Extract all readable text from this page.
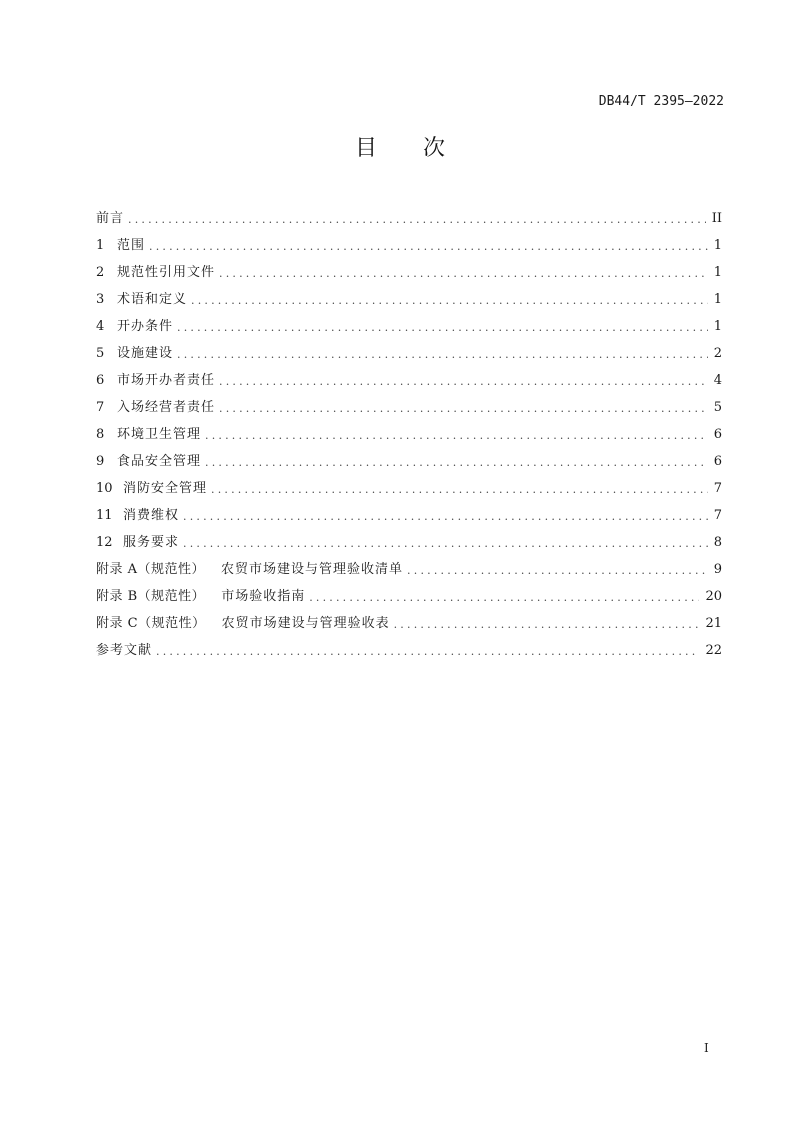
DB44/T 2395—2022
目 次
前言 .....	II
1 范围 .....	1
2 规范性引用文件 .....	1
3 术语和定义 .....	1
4 开办条件 .....	1
5 设施建设 .....	2
6 市场开办者责任 .....	4
7 入场经营者责任 .....	5
8 环境卫生管理 .....	6
9 食品安全管理 .....	6
10 消防安全管理 .....	7
11 消费维权 .....	7
12 服务要求 .....	8
附录 A（规范性） 农贸市场建设与管理验收清单 .....	9
附录 B（规范性） 市场验收指南 .....	20
附录 C（规范性） 农贸市场建设与管理验收表 .....	21
参考文献 .....	22
I
